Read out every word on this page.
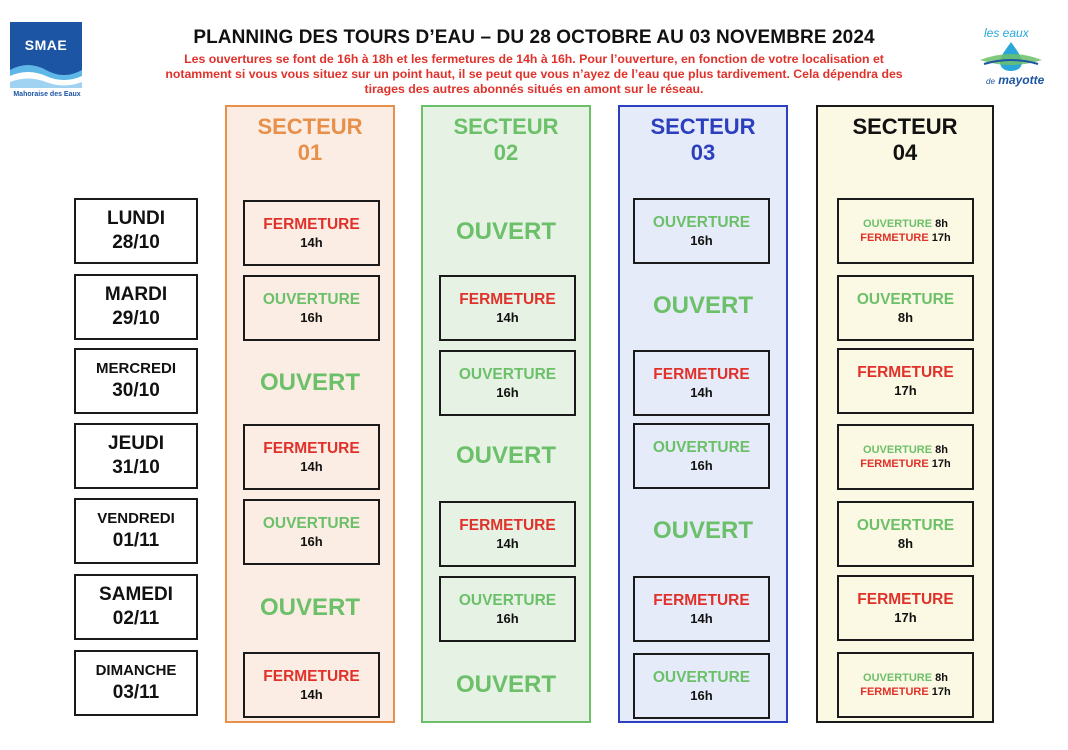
SMAE
Mahoraise des Eaux
les eaux
de mayotte
PLANNING DES TOURS D’EAU – DU 28 OCTOBRE AU 03 NOVEMBRE 2024
Les ouvertures se font de 16h à 18h et les fermetures de 14h à 16h. Pour l’ouverture, en fonction de votre localisation et
notamment si vous vous situez sur un point haut, il se peut que vous n’ayez de l’eau que plus tardivement. Cela dépendra des
tirages des autres abonnés situés en amont sur le réseau.
SECTEUR
01
SECTEUR
02
SECTEUR
03
SECTEUR
04
LUNDI
28/10
MARDI
29/10
MERCREDI
30/10
JEUDI
31/10
VENDREDI
01/11
SAMEDI
02/11
DIMANCHE
03/11
FERMETURE
14h
OUVERTURE
16h
OUVERT
FERMETURE
14h
OUVERTURE
16h
OUVERT
FERMETURE
14h
OUVERT
FERMETURE
14h
OUVERTURE
16h
OUVERT
FERMETURE
14h
OUVERTURE
16h
OUVERT
OUVERTURE
16h
OUVERT
FERMETURE
14h
OUVERTURE
16h
OUVERT
FERMETURE
14h
OUVERTURE
16h
OUVERTURE 8h
FERMETURE 17h
OUVERTURE
8h
FERMETURE
17h
OUVERTURE 8h
FERMETURE 17h
OUVERTURE
8h
FERMETURE
17h
OUVERTURE 8h
FERMETURE 17h
